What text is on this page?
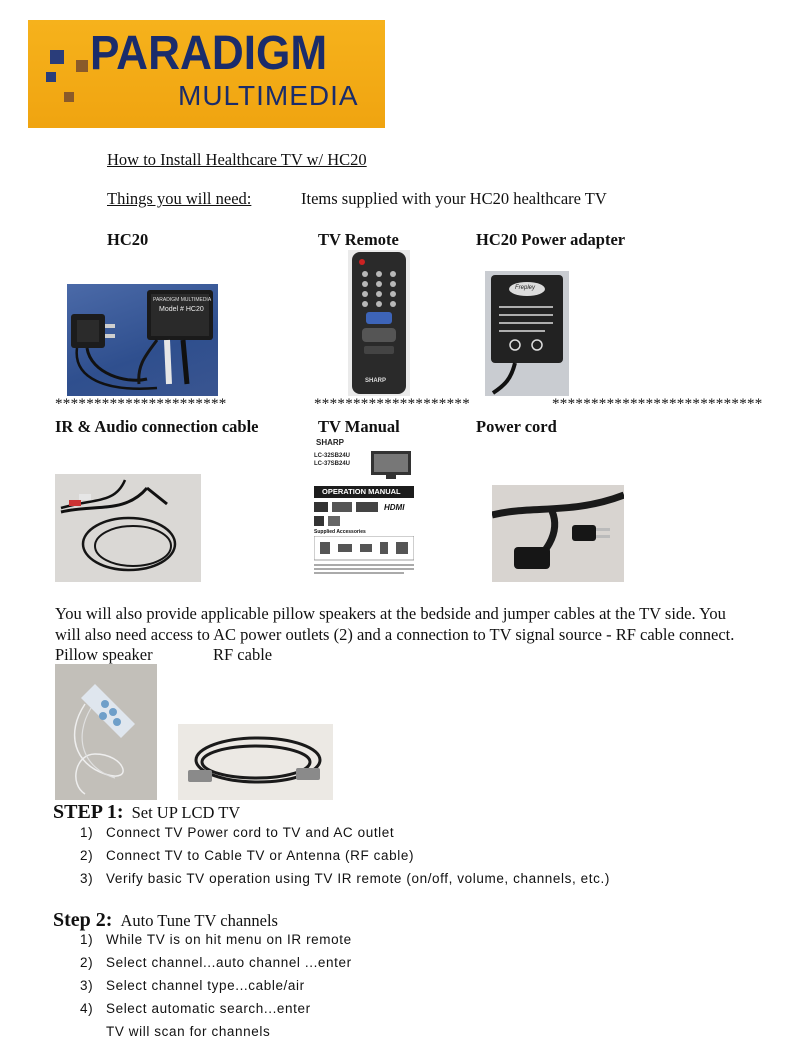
PARADIGM
MULTIMEDIA
How to Install Healthcare TV w/ HC20
Things you will need:	Items supplied with your HC20 healthcare TV
HC20	TV Remote	HC20 Power adapter
PARADIGM MULTIMEDIA
Model # HC20
SHARP
Frepley
**********************	********************	***************************
IR & Audio connection cable	TV Manual	Power cord
SHARP
LC-32SB24U
LC-37SB24U
OPERATION MANUAL
HDMI
Supplied Accessories
You will also provide applicable pillow speakers at the bedside and jumper cables at the TV side. You
will also need access to AC power outlets (2) and a connection to TV signal source - RF cable connect.
Pillow speaker	RF cable
STEP 1: Set UP LCD TV
1) Connect TV Power cord to TV and AC outlet
2) Connect TV to Cable TV or Antenna (RF cable)
3) Verify basic TV operation using TV IR remote (on/off, volume, channels, etc.)
Step 2: Auto Tune TV channels
1) While TV is on hit menu on IR remote
2) Select channel...auto channel ...enter
3) Select channel type...cable/air
4) Select automatic search...enter
TV will scan for channels
